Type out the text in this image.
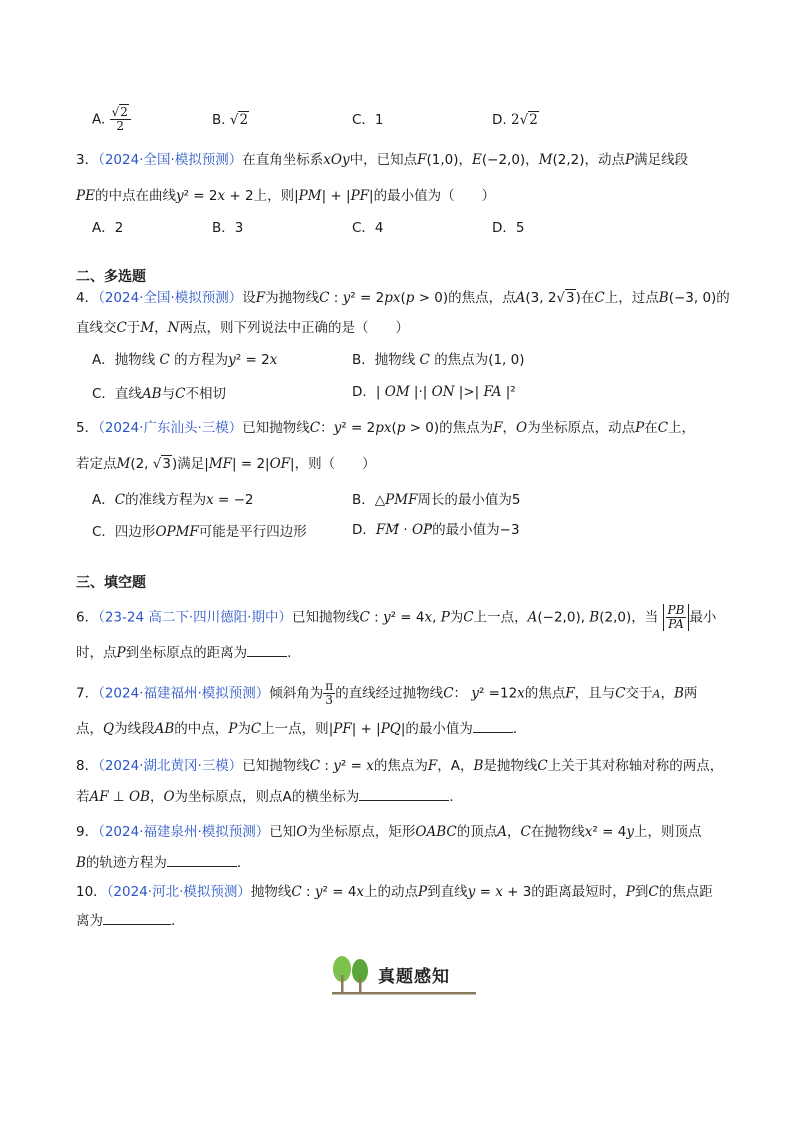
A. $\frac{√2}{2}$	B. √2	C．1	D. 2√2
3．（2024·全国·模拟预测）在直角坐标系xOy中，已知点F(1,0)，E(−2,0)，M(2,2)，动点P满足线段
PE的中点在曲线y² = 2x + 2上，则|PM| + |PF|的最小值为（　　）
A．2	B．3	C．4	D．5
二、多选题
4．（2024·全国·模拟预测）设F为抛物线C : y² = 2px(p > 0)的焦点，点A(3, 2√3)在C上，过点B(−3, 0)的
直线交C于M，N两点，则下列说法中正确的是（　　）
A．抛物线 C 的方程为y² = 2x	B．抛物线 C 的焦点为(1, 0)
C．直线AB与C不相切	D．| OM |·| ON |>| FA |²
5．（2024·广东汕头·三模）已知抛物线C：y² = 2px(p > 0)的焦点为F，O为坐标原点，动点P在C上，
若定点M(2, √3)满足|MF| = 2|OF|，则（　　）
A．C的准线方程为x = −2	B．△PMF周长的最小值为5
C．四边形OPMF可能是平行四边形	D．FM⃗ · OP的最小值为−3
三、填空题
6．（23-24 高二下·四川德阳·期中）已知抛物线C : y² = 4x, P为C上一点，A(−2,0), B(2,0)，当 $\frac{PB}{PA}$ 最小
时，点P到坐标原点的距离为	.
7．（2024·福建福州·模拟预测）倾斜角为 $\frac{\pi}{3}$ 的直线经过抛物线C： y² =12x的焦点F，且与C交于A，B两
点，Q为线段AB的中点，P为C上一点，则|PF| + |PQ|的最小值为	.
8．（2024·湖北黄冈·三模）已知抛物线C : y² = x的焦点为F，A，B是抛物线C上关于其对称轴对称的两点，
若AF ⊥ OB，O为坐标原点，则点A的横坐标为	.
9．（2024·福建泉州·模拟预测）已知O为坐标原点，矩形OABC的顶点A，C在抛物线x² = 4y上，则顶点
B的轨迹方程为	.
10．（2024·河北·模拟预测）抛物线C : y² = 4x上的动点P到直线y = x + 3的距离最短时，P到C的焦点距
离为	.
真题感知
